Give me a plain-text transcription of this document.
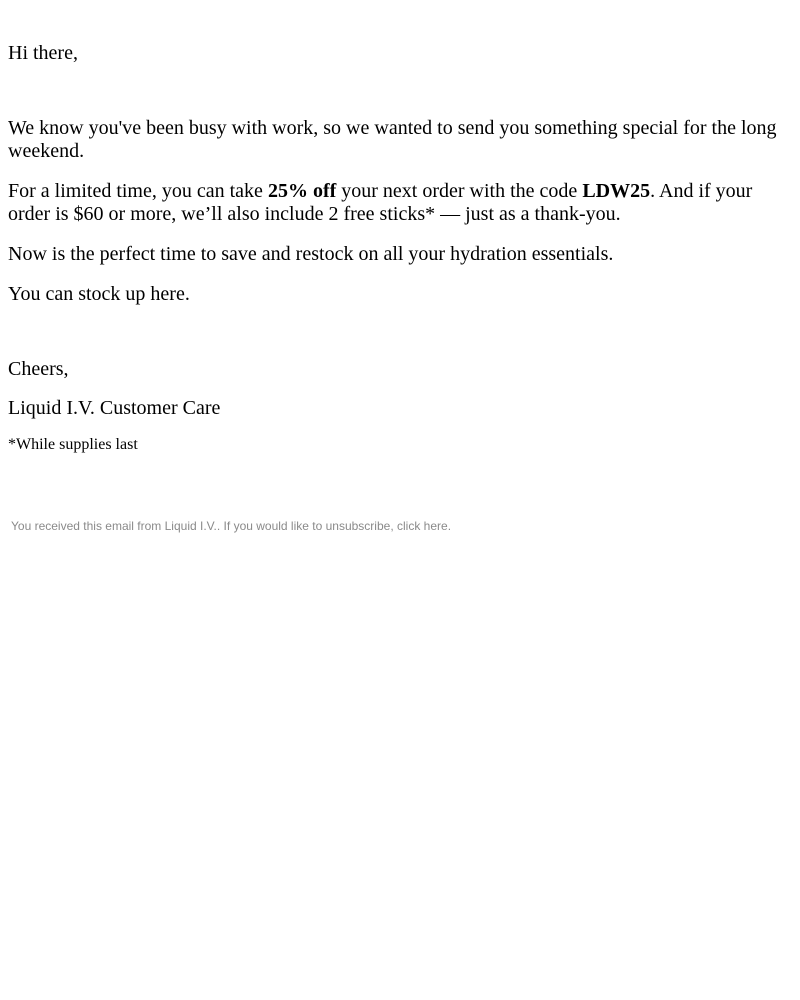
Hi there,

We know you've been busy with work, so we wanted to send you something special for the long weekend.

For a limited time, you can take 25% off your next order with the code LDW25. And if your order is $60 or more, we’ll also include 2 free sticks* — just as a thank-you.

Now is the perfect time to save and restock on all your hydration essentials.

You can stock up here.

Cheers,

Liquid I.V. Customer Care

*While supplies last

You received this email from Liquid I.V.. If you would like to unsubscribe, click here.
